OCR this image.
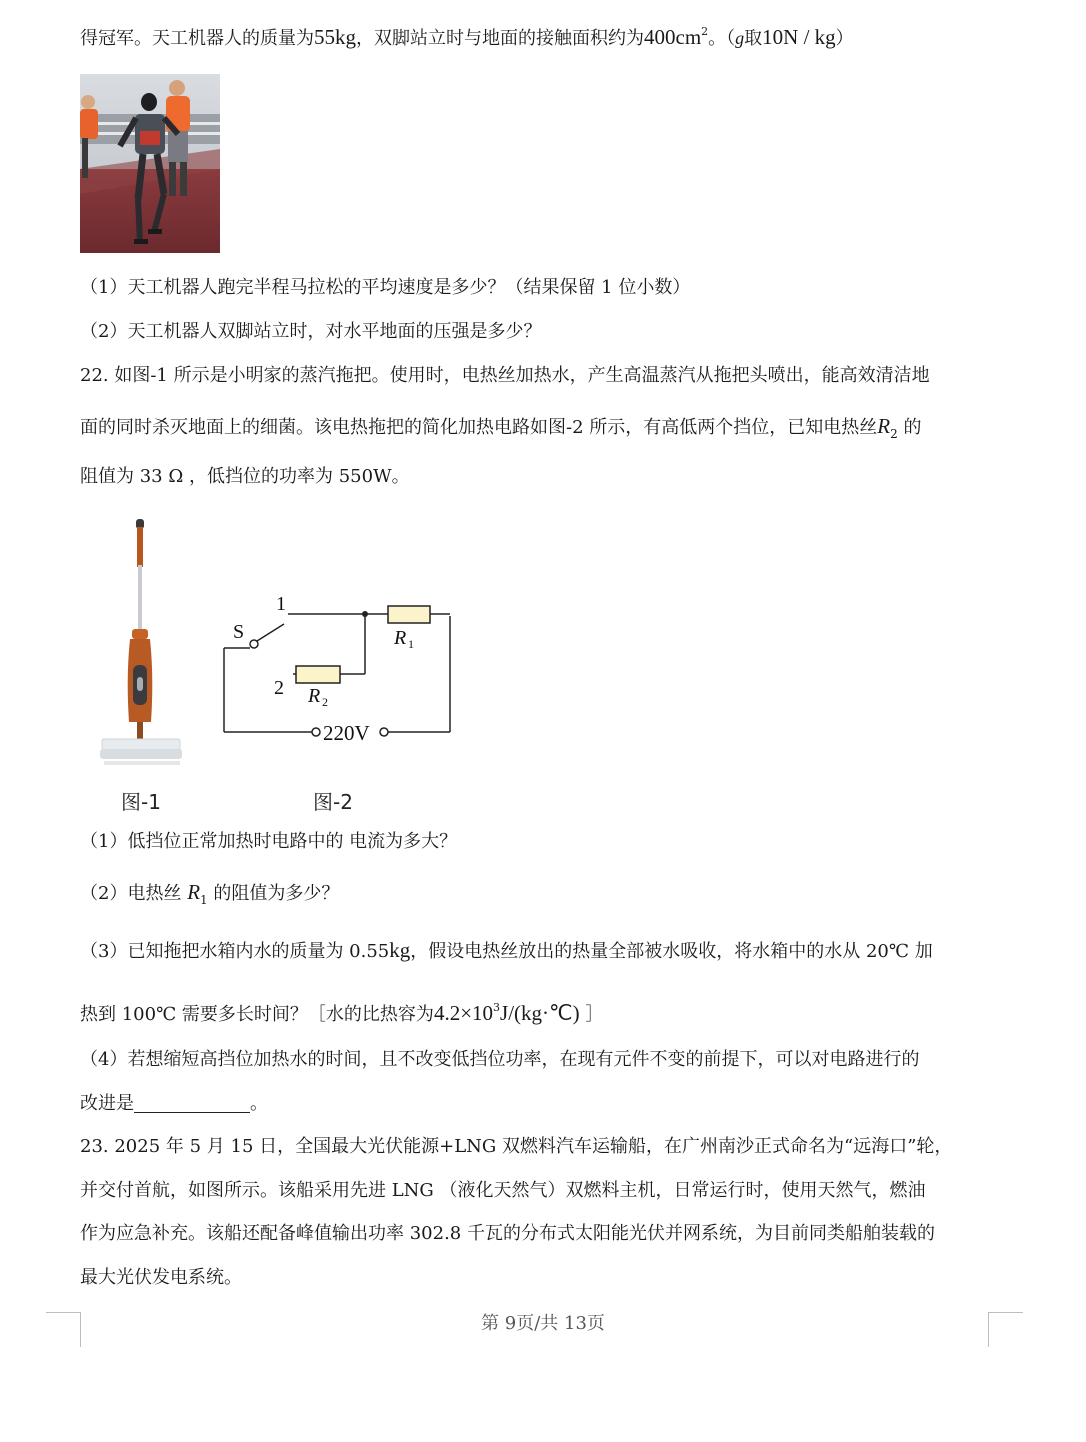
得冠军。天工机器人的质量为55kg，双脚站立时与地面的接触面积约为$400cm^2$。（g取10N / kg）
（1）天工机器人跑完半程马拉松的平均速度是多少？（结果保留 1 位小数）
（2）天工机器人双脚站立时，对水平地面的压强是多少？
22. 如图-1 所示是小明家的蒸汽拖把。使用时，电热丝加热水，产生高温蒸汽从拖把头喷出，能高效清洁地
面的同时杀灭地面上的细菌。该电热拖把的简化加热电路如图-2 所示，有高低两个挡位，已知电热丝$R_2$ 的
阻值为 33 Ω ，低挡位的功率为 550W。
S
1
2
R 1
R 2
220V
图-1	图-2
（1）低挡位正常加热时电路中的 电流为多大？
（2）电热丝 $R_1$ 的阻值为多少？
（3）已知拖把水箱内水的质量为 0.55kg，假设电热丝放出的热量全部被水吸收，将水箱中的水从 20℃ 加
热到 100℃ 需要多长时间？［水的比热容为$4.2\times 10^3J/(kg\cdot℃)$ ］
（4）若想缩短高挡位加热水的时间，且不改变低挡位功率，在现有元件不变的前提下，可以对电路进行的
改进是	。
23. 2025 年 5 月 15 日，全国最大光伏能源+LNG 双燃料汽车运输船，在广州南沙正式命名为“远海口”轮，
并交付首航，如图所示。该船采用先进 LNG （液化天然气）双燃料主机，日常运行时，使用天然气，燃油
作为应急补充。该船还配备峰值输出功率 302.8 千瓦的分布式太阳能光伏并网系统，为目前同类船舶装载的
最大光伏发电系统。
第 9页/共 13页
